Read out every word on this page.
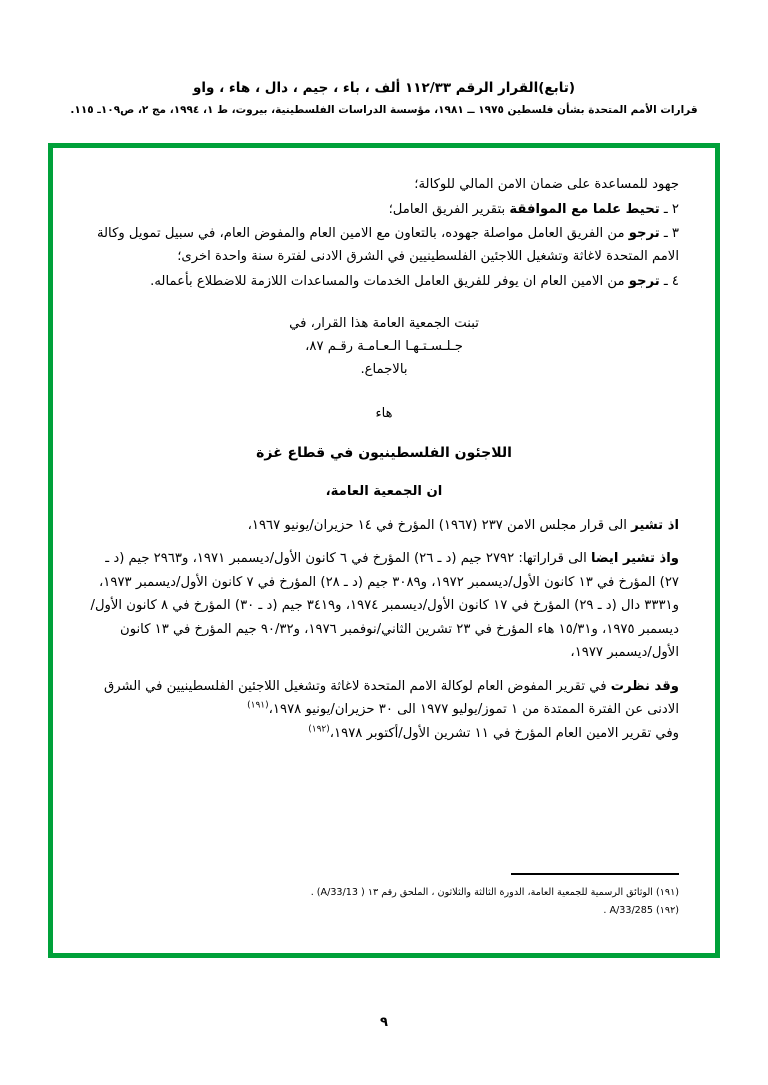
(تابع)القرار الرقم ١١٢/٣٣ ألف ، باء ، جيم ، دال ، هاء ، واو
قرارات الأمم المتحدة بشأن فلسطين ١٩٧٥ ــ ١٩٨١، مؤسسة الدراسات الفلسطينية، بيروت، ط ١، ١٩٩٤، مج ٢، ص١٠٩ـ ١١٥.

جهود للمساعدة على ضمان الامن المالي للوكالة؛

٢ ـ تحيط علما مع الموافقة بتقرير الفريق العامل؛

٣ ـ ترجو من الفريق العامل مواصلة جهوده، بالتعاون مع الامين العام والمفوض العام، في سبيل تمويل وكالة الامم المتحدة لاغاثة وتشغيل اللاجئين الفلسطينيين في الشرق الادنى لفترة سنة واحدة اخرى؛

٤ ـ ترجو من الامين العام ان يوفر للفريق العامل الخدمات والمساعدات اللازمة للاضطلاع بأعماله.

تبنت الجمعية العامة هذا القرار، في
جـلـسـتـهـا الـعـامـة رقـم ٨٧،
بالاجماع.

هاء

اللاجئون الفلسطينيون في قطاع غزة

ان الجمعية العامة،

اذ تشير الى قرار مجلس الامن ٢٣٧ (١٩٦٧) المؤرخ في ١٤ حزيران/يونيو ١٩٦٧،

واذ تشير ايضا الى قراراتها: ٢٧٩٢ جيم (د ـ ٢٦) المؤرخ في ٦ كانون الأول/ديسمبر ١٩٧١، و٢٩٦٣ جيم (د ـ ٢٧) المؤرخ في ١٣ كانون الأول/ديسمبر ١٩٧٢، و٣٠٨٩ جيم (د ـ ٢٨) المؤرخ في ٧ كانون الأول/ديسمبر ١٩٧٣، و٣٣٣١ دال (د ـ ٢٩) المؤرخ في ١٧ كانون الأول/ديسمبر ١٩٧٤، و٣٤١٩ جيم (د ـ ٣٠) المؤرخ في ٨ كانون الأول/ديسمبر ١٩٧٥، و١٥/٣١ هاء المؤرخ في ٢٣ تشرين الثاني/نوفمبر ١٩٧٦، و٩٠/٣٢ جيم المؤرخ في ١٣ كانون الأول/ديسمبر ١٩٧٧،

وقد نظرت في تقرير المفوض العام لوكالة الامم المتحدة لاغاثة وتشغيل اللاجئين الفلسطينيين في الشرق الادنى عن الفترة الممتدة من ١ تموز/يوليو ١٩٧٧ الى ٣٠ حزيران/يونيو ١٩٧٨،$^{(١٩١)}$

وفي تقرير الامين العام المؤرخ في ١١ تشرين الأول/أكتوبر ١٩٧٨،$^{(١٩٢)}$

(١٩١) الوثائق الرسمية للجمعية العامة، الدورة الثالثة والثلاثون ، الملحق رقم ١٣ ( A/33/13) .

(١٩٢) A/33/285 .

٩
